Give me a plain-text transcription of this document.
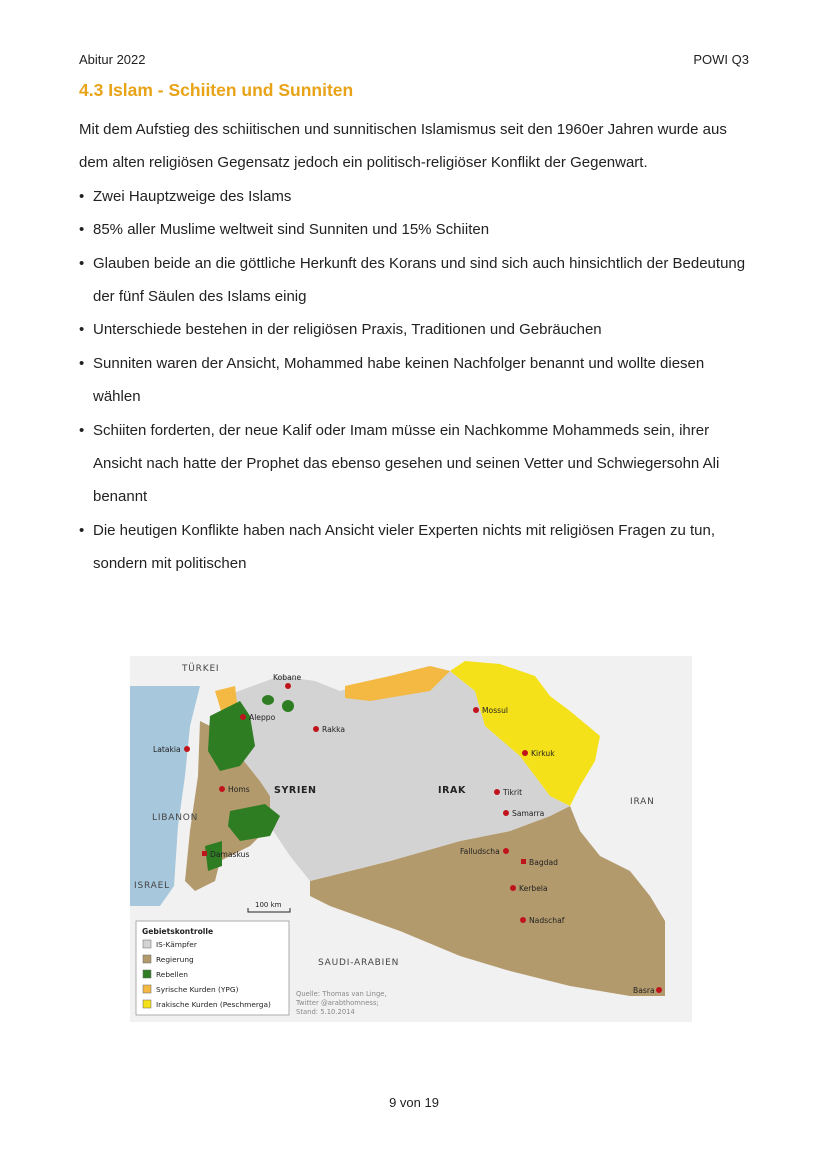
Abitur 2022	POWI Q3
4.3 Islam - Schiiten und Sunniten

Mit dem Aufstieg des schiitischen und sunnitischen Islamismus seit den 1960er Jahren wurde aus dem alten religiösen Gegensatz jedoch ein politisch-religiöser Konflikt der Gegenwart.

• Zwei Hauptzweige des Islams
• 85% aller Muslime weltweit sind Sunniten und 15% Schiiten
• Glauben beide an die göttliche Herkunft des Korans und sind sich auch hinsichtlich der Bedeutung der fünf Säulen des Islams einig
• Unterschiede bestehen in der religiösen Praxis, Traditionen und Gebräuchen
• Sunniten waren der Ansicht, Mohammed habe keinen Nachfolger benannt und wollte diesen wählen
• Schiiten forderten, der neue Kalif oder Imam müsse ein Nachkomme Mohammeds sein, ihrer Ansicht nach hatte der Prophet das ebenso gesehen und seinen Vetter und Schwiegersohn Ali benannt
• Die heutigen Konflikte haben nach Ansicht vieler Experten nichts mit religiösen Fragen zu tun, sondern mit politischen
TÜRKEI
SYRIEN	IRAK
IRAN
LIBANON
ISRAEL
SAUDI-ARABIEN
Kobane
Aleppo
Rakka
Latakia
Homs
Damaskus
Mossul
Kirkuk
Tikrit
Samarra
Falludscha
Bagdad
Kerbela
Nadschaf
Basra
100 km
Gebietskontrolle
IS-Kämpfer
Regierung
Rebellen
Syrische Kurden (YPG)
Irakische Kurden (Peschmerga)
Quelle: Thomas van Linge,
Twitter @arabthomness;
Stand: 5.10.2014
9 von 19
